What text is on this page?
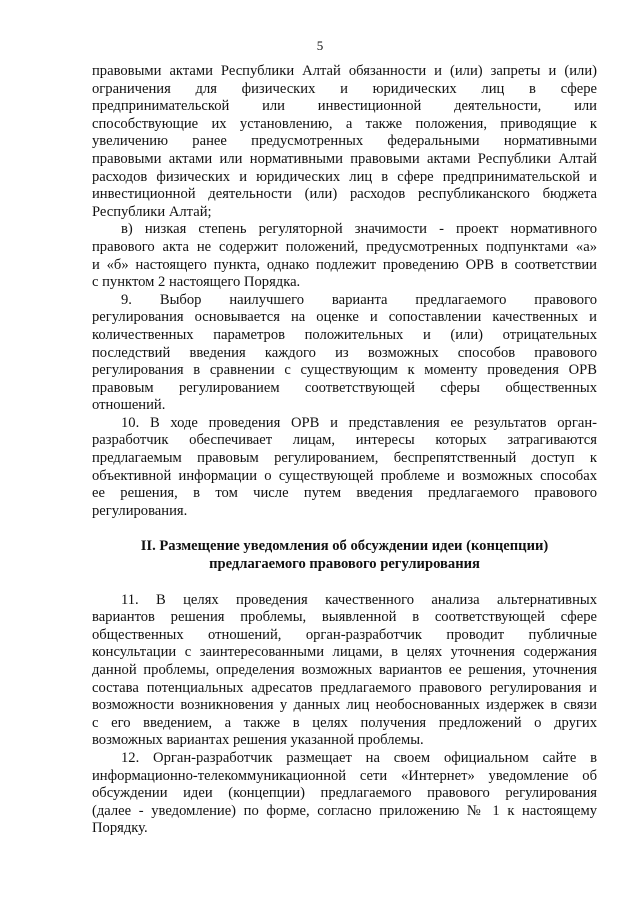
5
правовыми актами Республики Алтай обязанности и (или) запреты и (или)
ограничения для физических и юридических лиц в сфере
предпринимательской или инвестиционной деятельности, или
способствующие их установлению, а также положения, приводящие к
увеличению ранее предусмотренных федеральными нормативными
правовыми актами или нормативными правовыми актами Республики Алтай
расходов физических и юридических лиц в сфере предпринимательской и
инвестиционной деятельности (или) расходов республиканского бюджета
Республики Алтай;
в) низкая степень регуляторной значимости - проект нормативного
правового акта не содержит положений, предусмотренных подпунктами «а»
и «б» настоящего пункта, однако подлежит проведению ОРВ в соответствии
с пунктом 2 настоящего Порядка.
9. Выбор наилучшего варианта предлагаемого правового
регулирования основывается на оценке и сопоставлении качественных и
количественных параметров положительных и (или) отрицательных
последствий введения каждого из возможных способов правового
регулирования в сравнении с существующим к моменту проведения ОРВ
правовым регулированием соответствующей сферы общественных
отношений.
10. В ходе проведения ОРВ и представления ее результатов орган-
разработчик обеспечивает лицам, интересы которых затрагиваются
предлагаемым правовым регулированием, беспрепятственный доступ к
объективной информации о существующей проблеме и возможных способах
ее решения, в том числе путем введения предлагаемого правового
регулирования.
II. Размещение уведомления об обсуждении идеи (концепции)
предлагаемого правового регулирования
11. В целях проведения качественного анализа альтернативных
вариантов решения проблемы, выявленной в соответствующей сфере
общественных отношений, орган-разработчик проводит публичные
консультации с заинтересованными лицами, в целях уточнения содержания
данной проблемы, определения возможных вариантов ее решения, уточнения
состава потенциальных адресатов предлагаемого правового регулирования и
возможности возникновения у данных лиц необоснованных издержек в связи
с его введением, а также в целях получения предложений о других
возможных вариантах решения указанной проблемы.
12. Орган-разработчик размещает на своем официальном сайте в
информационно-телекоммуникационной сети «Интернет» уведомление об
обсуждении идеи (концепции) предлагаемого правового регулирования
(далее - уведомление) по форме, согласно приложению № 1 к настоящему
Порядку.
